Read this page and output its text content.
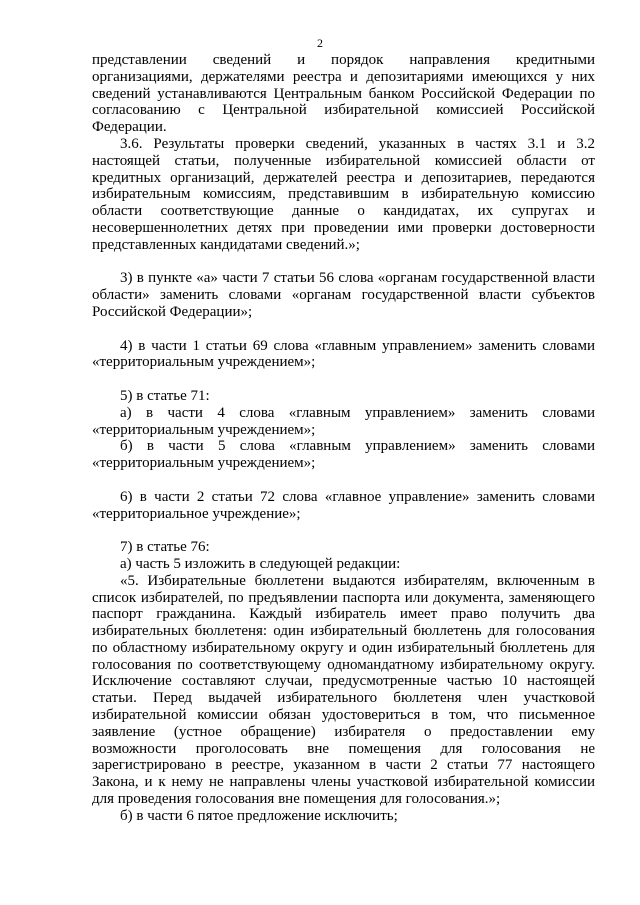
2
представлении сведений и порядок направления кредитными
организациями, держателями реестра и депозитариями имеющихся у них
сведений устанавливаются Центральным банком Российской Федерации по
согласованию с Центральной избирательной комиссией Российской
Федерации.
3.6. Результаты проверки сведений, указанных в частях 3.1 и 3.2
настоящей статьи, полученные избирательной комиссией области от
кредитных организаций, держателей реестра и депозитариев, передаются
избирательным комиссиям, представившим в избирательную комиссию
области соответствующие данные о кандидатах, их супругах и
несовершеннолетних детях при проведении ими проверки достоверности
представленных кандидатами сведений.»;
3) в пункте «а» части 7 статьи 56 слова «органам государственной власти
области» заменить словами «органам государственной власти субъектов
Российской Федерации»;
4) в части 1 статьи 69 слова «главным управлением» заменить словами
«территориальным учреждением»;
5) в статье 71:
а) в части 4 слова «главным управлением» заменить словами
«территориальным учреждением»;
б) в части 5 слова «главным управлением» заменить словами
«территориальным учреждением»;
6) в части 2 статьи 72 слова «главное управление» заменить словами
«территориальное учреждение»;
7) в статье 76:
а) часть 5 изложить в следующей редакции:
«5. Избирательные бюллетени выдаются избирателям, включенным в
список избирателей, по предъявлении паспорта или документа, заменяющего
паспорт гражданина. Каждый избиратель имеет право получить два
избирательных бюллетеня: один избирательный бюллетень для голосования
по областному избирательному округу и один избирательный бюллетень для
голосования по соответствующему одномандатному избирательному округу.
Исключение составляют случаи, предусмотренные частью 10 настоящей
статьи. Перед выдачей избирательного бюллетеня член участковой
избирательной комиссии обязан удостовериться в том, что письменное
заявление (устное обращение) избирателя о предоставлении ему
возможности проголосовать вне помещения для голосования не
зарегистрировано в реестре, указанном в части 2 статьи 77 настоящего
Закона, и к нему не направлены члены участковой избирательной комиссии
для проведения голосования вне помещения для голосования.»;
б) в части 6 пятое предложение исключить;
